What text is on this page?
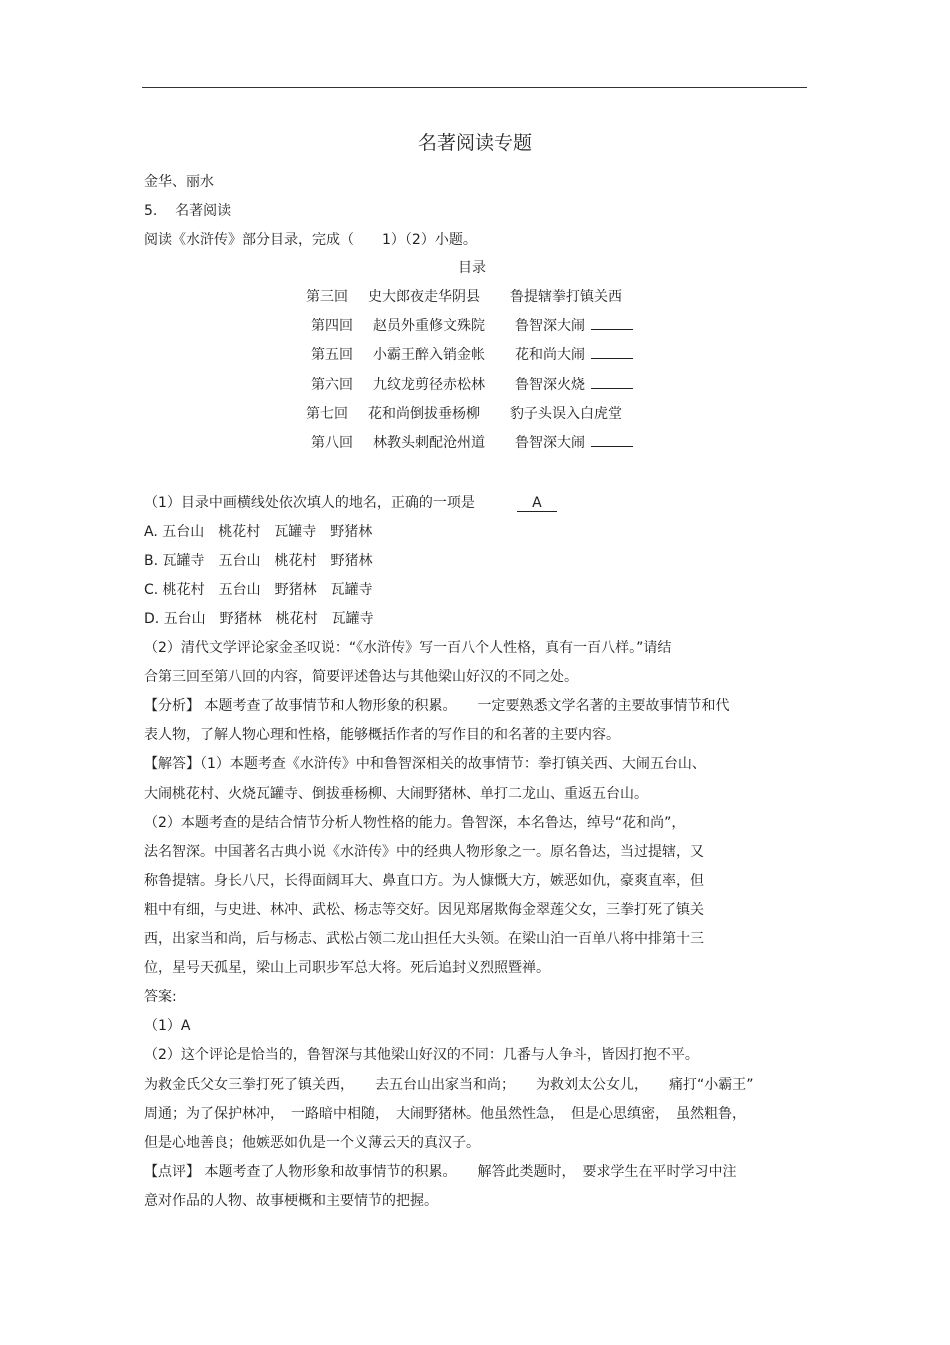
名著阅读专题
金华、丽水
5. 名著阅读
阅读《水浒传》部分目录，完成（　　1）（2）小题。
目录
第三回 史大郎夜走华阴县 鲁提辖拳打镇关西
第四回 赵员外重修文殊院 鲁智深大闹
第五回 小霸王醉入销金帐 花和尚大闹
第六回 九纹龙剪径赤松林 鲁智深火烧
第七回 花和尚倒拔垂杨柳 豹子头误入白虎堂
第八回 林教头刺配沧州道 鲁智深大闹
（1）目录中画横线处依次填人的地名，正确的一项是	A
A. 五台山　桃花村　瓦罐寺　野猪林
B. 瓦罐寺　五台山　桃花村　野猪林
C. 桃花村　五台山　野猪林　瓦罐寺
D. 五台山　野猪林　桃花村　瓦罐寺
（2）清代文学评论家金圣叹说：“《水浒传》写一百八个人性格，真有一百八样。”请结
合第三回至第八回的内容，简要评述鲁达与其他梁山好汉的不同之处。
【分析】 本题考查了故事情节和人物形象的积累。　　一定要熟悉文学名著的主要故事情节和代
表人物，了解人物心理和性格，能够概括作者的写作目的和名著的主要内容。
【解答】（1）本题考查《水浒传》中和鲁智深相关的故事情节：拳打镇关西、大闹五台山、
大闹桃花村、火烧瓦罐寺、倒拔垂杨柳、大闹野猪林、单打二龙山、重返五台山。
（2）本题考查的是结合情节分析人物性格的能力。鲁智深，本名鲁达，绰号“花和尚”，
法名智深。中国著名古典小说《水浒传》中的经典人物形象之一。原名鲁达，当过提辖，又
称鲁提辖。身长八尺，长得面阔耳大、鼻直口方。为人慷慨大方，嫉恶如仇，豪爽直率，但
粗中有细，与史进、林冲、武松、杨志等交好。因见郑屠欺侮金翠莲父女，三拳打死了镇关
西，出家当和尚，后与杨志、武松占领二龙山担任大头领。在梁山泊一百单八将中排第十三
位，星号天孤星，梁山上司职步军总大将。死后追封义烈照暨禅。
答案:
（1）A
（2）这个评论是恰当的，鲁智深与其他梁山好汉的不同：几番与人争斗，皆因打抱不平。
为救金氏父女三拳打死了镇关西，　　去五台山出家当和尚；　　为救刘太公女儿，　　痛打“小霸王”
周通；为了保护林冲，　一路暗中相随，　大闹野猪林。他虽然性急，　但是心思缜密，　虽然粗鲁，
但是心地善良；他嫉恶如仇是一个义薄云天的真汉子。
【点评】 本题考查了人物形象和故事情节的积累。　　解答此类题时，　要求学生在平时学习中注
意对作品的人物、故事梗概和主要情节的把握。
